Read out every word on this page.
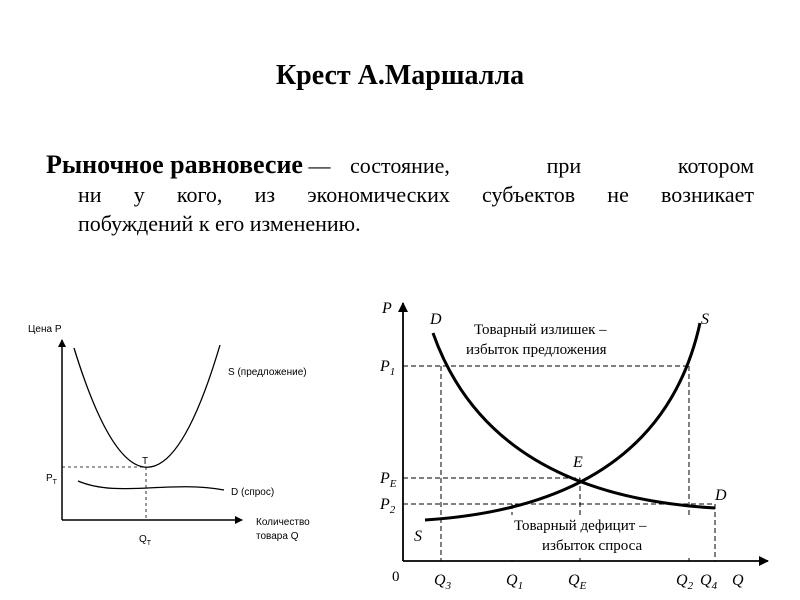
Крест А.Маршалла

Рыночное равновесие — состояние, при котором
ни у кого, из экономических субъектов не возникает
побуждений к его изменению.

Цена P
Количество
товара Q
T
S (предложение)
D (спрос)
$P_T$
$Q_T$
Товарный излишек –
избыток предложения
Товарный дефицит –
избыток спроса
P
Q
D	S
E
D
S
0
$P_1$
$P_E$
$P_2$
$Q_3$	$Q_1$	$Q_E$	$Q_2$ $Q_4$
